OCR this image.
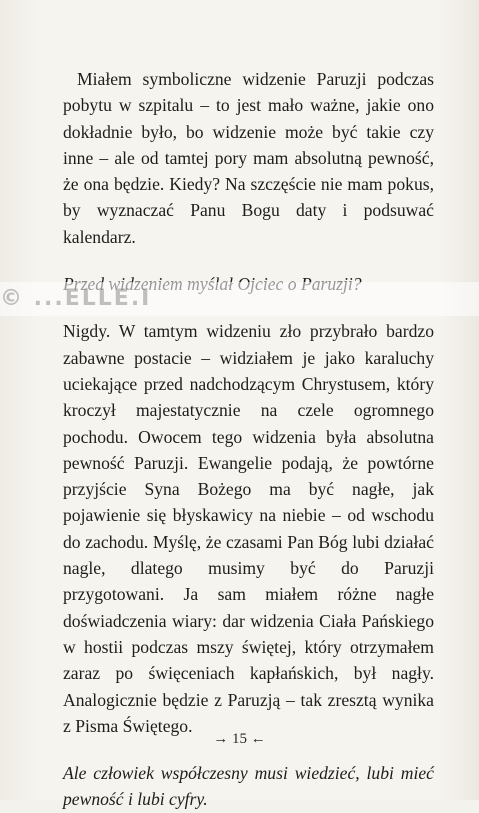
Miałem symboliczne widzenie Paruzji podczas pobytu w szpitalu – to jest mało ważne, jakie ono dokładnie było, bo widzenie może być takie czy inne – ale od tamtej pory mam absolutną pewność, że ona będzie. Kiedy? Na szczęście nie mam pokus, by wyznaczać Panu Bogu daty i podsuwać kalendarz.

Nigdy. W tamtym widzeniu zło przybrało bardzo zabawne postacie – widziałem je jako karaluchy uciekające przed nadchodzącym Chrystusem, który kroczył majestatycznie na czele ogromnego pochodu. Owocem tego widzenia była absolutna pewność Paruzji. Ewangelie podają, że powtórne przyjście Syna Bożego ma być nagłe, jak pojawienie się błyskawicy na niebie – od wschodu do zachodu. Myślę, że czasami Pan Bóg lubi działać nagle, dlatego musimy być do Paruzji przygotowani. Ja sam miałem różne nagłe doświadczenia wiary: dar widzenia Ciała Pańskiego w hostii podczas mszy świętej, który otrzymałem zaraz po święceniach kapłańskich, był nagły. Analogicznie będzie z Paruzją – tak zresztą wynika z Pisma Świętego.

Ale człowiek współczesny musi wiedzieć, lubi mieć pewność i lubi cyfry.

© ...ELLE.I
→ 15 ←
